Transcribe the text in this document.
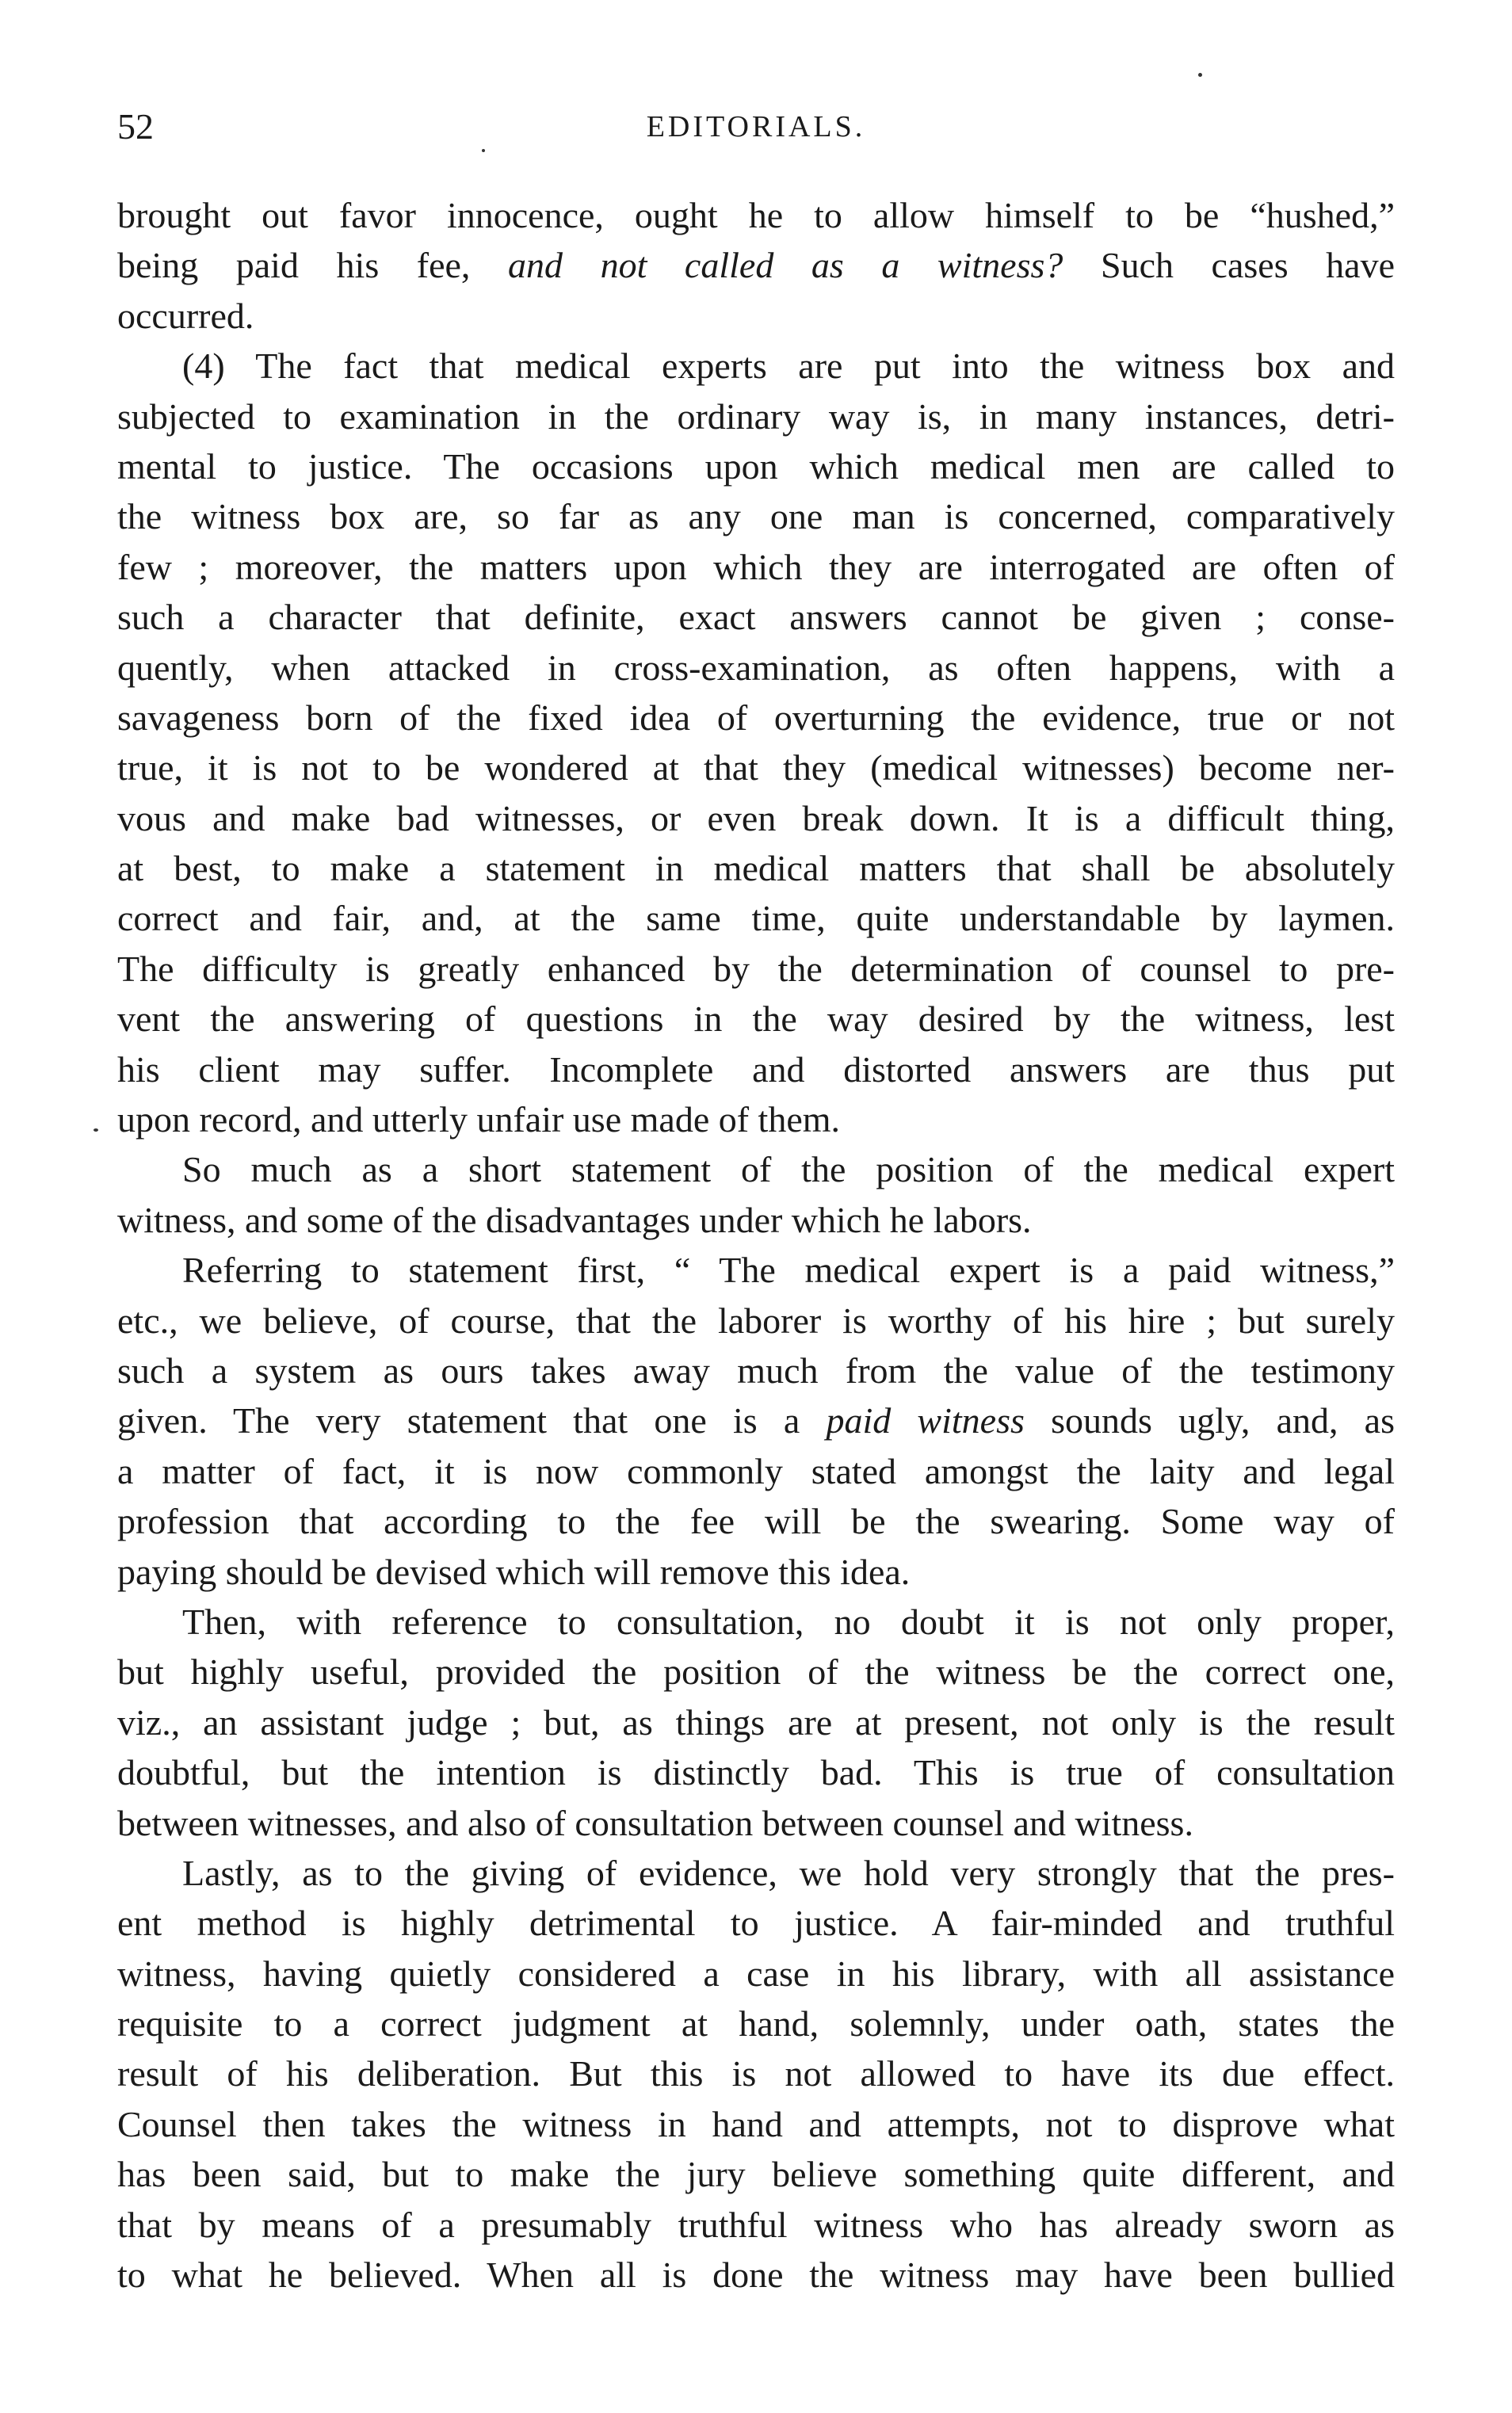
52	EDITORIALS.
brought out favor innocence, ought he to allow himself to be “hushed,”
being paid his fee, and not called as a witness? Such cases have
occurred.
(4) The fact that medical experts are put into the witness box and
subjected to examination in the ordinary way is, in many instances, detri-
mental to justice. The occasions upon which medical men are called to
the witness box are, so far as any one man is concerned, comparatively
few ; moreover, the matters upon which they are interrogated are often of
such a character that definite, exact answers cannot be given ; conse-
quently, when attacked in cross-examination, as often happens, with a
savageness born of the fixed idea of overturning the evidence, true or not
true, it is not to be wondered at that they (medical witnesses) become ner-
vous and make bad witnesses, or even break down. It is a difficult thing,
at best, to make a statement in medical matters that shall be absolutely
correct and fair, and, at the same time, quite understandable by laymen.
The difficulty is greatly enhanced by the determination of counsel to pre-
vent the answering of questions in the way desired by the witness, lest
his client may suffer. Incomplete and distorted answers are thus put
upon record, and utterly unfair use made of them.
So much as a short statement of the position of the medical expert
witness, and some of the disadvantages under which he labors.
Referring to statement first, “ The medical expert is a paid witness,”
etc., we believe, of course, that the laborer is worthy of his hire ; but surely
such a system as ours takes away much from the value of the testimony
given. The very statement that one is a paid witness sounds ugly, and, as
a matter of fact, it is now commonly stated amongst the laity and legal
profession that according to the fee will be the swearing. Some way of
paying should be devised which will remove this idea.
Then, with reference to consultation, no doubt it is not only proper,
but highly useful, provided the position of the witness be the correct one,
viz., an assistant judge ; but, as things are at present, not only is the result
doubtful, but the intention is distinctly bad. This is true of consultation
between witnesses, and also of consultation between counsel and witness.
Lastly, as to the giving of evidence, we hold very strongly that the pres-
ent method is highly detrimental to justice. A fair-minded and truthful
witness, having quietly considered a case in his library, with all assistance
requisite to a correct judgment at hand, solemnly, under oath, states the
result of his deliberation. But this is not allowed to have its due effect.
Counsel then takes the witness in hand and attempts, not to disprove what
has been said, but to make the jury believe something quite different, and
that by means of a presumably truthful witness who has already sworn as
to what he believed. When all is done the witness may have been bullied
